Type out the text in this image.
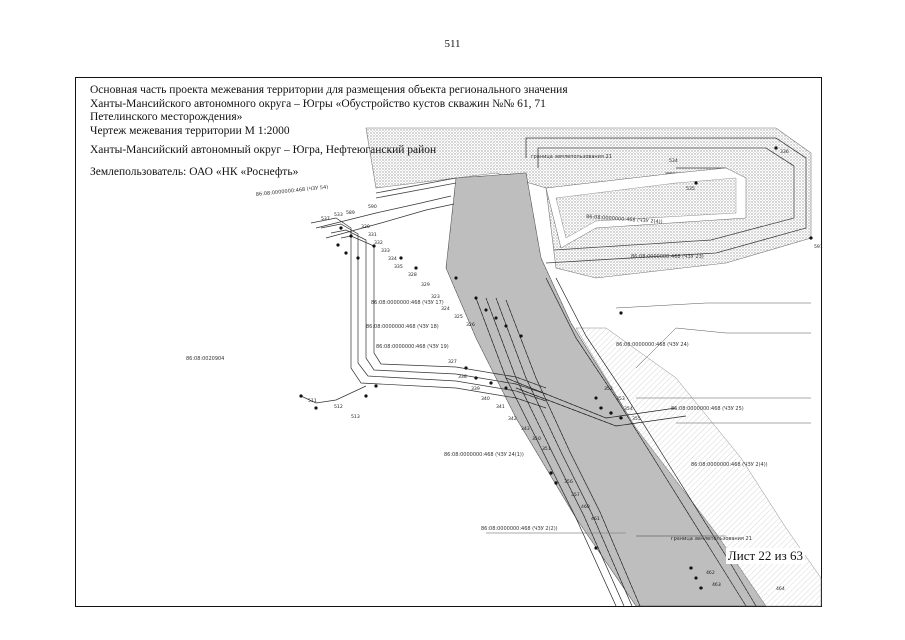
511
86:08:0000000:468 (ЧЗУ 54)
86:08:0020904
86:08:0000000:468 (ЧЗУ 17)
86:08:0000000:468 (ЧЗУ 18)
86:08:0000000:468 (ЧЗУ 19)	86:08:0000000:468 (ЧЗУ 24)
86:08:0000000:468 (ЧЗУ 25)
86:08:0000000:468 (ЧЗУ 2(4))
86:08:0000000:468 (ЧЗУ 23)
86:08:0000000:468 (ЧЗУ 24(1))
86:08:0000000:468 (ЧЗУ 2(4))
86:08:0000000:468 (ЧЗУ 2(2))
граница землепользования 21
граница землепользования 21
591
534
535
336
511
512
513
590
537
533 589
330
331
332
333
334
335
328
329
323
324
325
326
327
338
339
340
341
342
343
350
351
352
353
354
355
356
357
460
461
462
463
464
Основная часть проекта межевания территории для размещения объекта регионального значения
Ханты-Мансийского автономного округа – Югры «Обустройство кустов скважин №№ 61, 71
Петелинского месторождения»
Чертеж межевания территории М 1:2000
Ханты-Мансийский автономный округ – Югра, Нефтеюганский район
Землепользователь: ОАО «НК «Роснефть»
Лист 22 из 63
